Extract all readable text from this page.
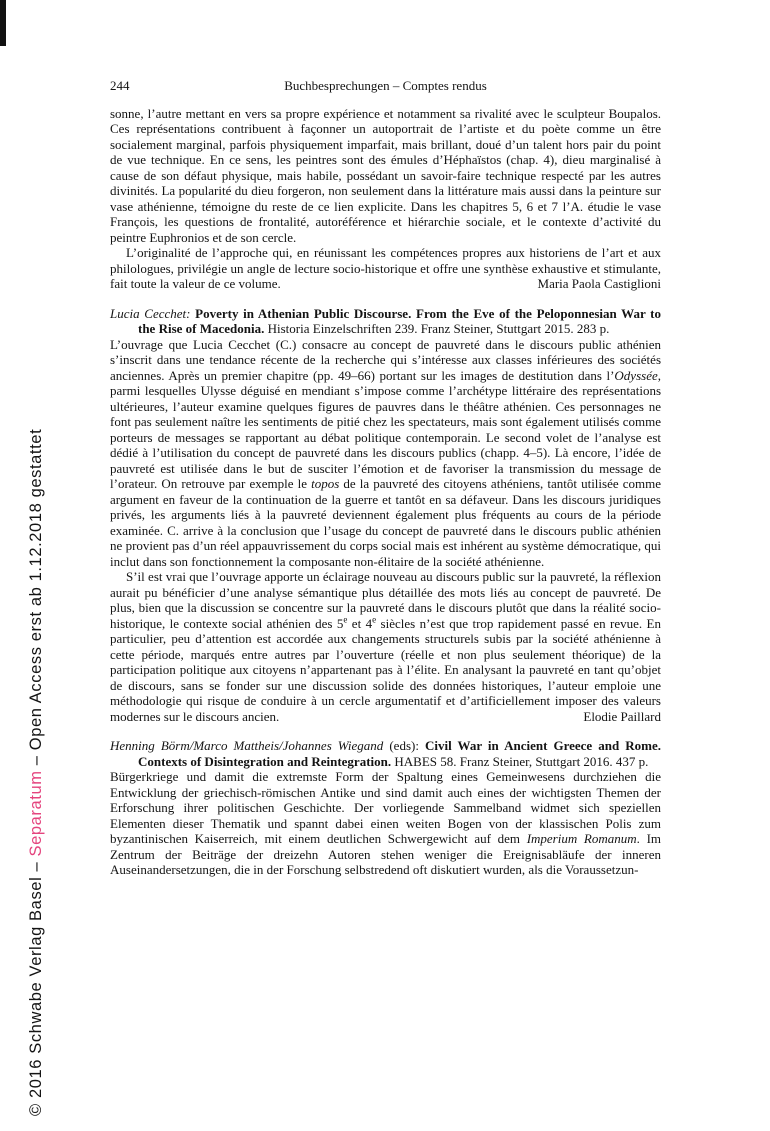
© 2016 Schwabe Verlag Basel – Separatum – Open Access erst ab 1.12.2018 gestattet
244	Buchbesprechungen – Comptes rendus

sonne, l’autre mettant en vers sa propre expérience et notamment sa rivalité avec le sculpteur Boupalos. Ces représentations contribuent à façonner un autoportrait de l’artiste et du poète comme un être socialement marginal, parfois physiquement imparfait, mais brillant, doué d’un talent hors pair du point de vue technique. En ce sens, les peintres sont des émules d’Héphaïstos (chap. 4), dieu marginalisé à cause de son défaut physique, mais habile, possédant un savoir-faire technique respecté par les autres divinités. La popularité du dieu forgeron, non seulement dans la littérature mais aussi dans la peinture sur vase athénienne, témoigne du reste de ce lien explicite. Dans les chapitres 5, 6 et 7 l’A. étudie le vase François, les questions de frontalité, autoréférence et hiérarchie sociale, et le contexte d’activité du peintre Euphronios et de son cercle.

L’originalité de l’approche qui, en réunissant les compétences propres aux historiens de l’art et aux philologues, privilégie un angle de lecture socio-historique et offre une synthèse exhaustive et stimulante, fait toute la valeur de ce volume.	Maria Paola Castiglioni

Lucia Cecchet: Poverty in Athenian Public Discourse. From the Eve of the Peloponnesian War to the Rise of Macedonia. Historia Einzelschriften 239. Franz Steiner, Stuttgart 2015. 283 p.

L’ouvrage que Lucia Cecchet (C.) consacre au concept de pauvreté dans le discours public athénien s’inscrit dans une tendance récente de la recherche qui s’intéresse aux classes inférieures des sociétés anciennes. Après un premier chapitre (pp. 49–66) portant sur les images de destitution dans l’Odyssée, parmi lesquelles Ulysse déguisé en mendiant s’impose comme l’archétype littéraire des représentations ultérieures, l’auteur examine quelques figures de pauvres dans le théâtre athénien. Ces personnages ne font pas seulement naître les sentiments de pitié chez les spectateurs, mais sont également utilisés comme porteurs de messages se rapportant au débat politique contemporain. Le second volet de l’analyse est dédié à l’utilisation du concept de pauvreté dans les discours publics (chapp. 4–5). Là encore, l’idée de pauvreté est utilisée dans le but de susciter l’émotion et de favoriser la transmission du message de l’orateur. On retrouve par exemple le topos de la pauvreté des citoyens athéniens, tantôt utilisée comme argument en faveur de la continuation de la guerre et tantôt en sa défaveur. Dans les discours juridiques privés, les arguments liés à la pauvreté deviennent également plus fréquents au cours de la période examinée. C. arrive à la conclusion que l’usage du concept de pauvreté dans le discours public athénien ne provient pas d’un réel appauvrissement du corps social mais est inhérent au système démocratique, qui inclut dans son fonctionnement la composante non-élitaire de la société athénienne.

S’il est vrai que l’ouvrage apporte un éclairage nouveau au discours public sur la pauvreté, la réflexion aurait pu bénéficier d’une analyse sémantique plus détaillée des mots liés au concept de pauvreté. De plus, bien que la discussion se concentre sur la pauvreté dans le discours plutôt que dans la réalité socio-historique, le contexte social athénien des 5e et 4e siècles n’est que trop rapidement passé en revue. En particulier, peu d’attention est accordée aux changements structurels subis par la société athénienne à cette période, marqués entre autres par l’ouverture (réelle et non plus seulement théorique) de la participation politique aux citoyens n’appartenant pas à l’élite. En analysant la pauvreté en tant qu’objet de discours, sans se fonder sur une discussion solide des données historiques, l’auteur emploie une méthodologie qui risque de conduire à un cercle argumentatif et d’artificiellement imposer des valeurs modernes sur le discours ancien.	Elodie Paillard

Henning Börm/Marco Mattheis/Johannes Wiegand (eds): Civil War in Ancient Greece and Rome. Contexts of Disintegration and Reintegration. HABES 58. Franz Steiner, Stuttgart 2016. 437 p.

Bürgerkriege und damit die extremste Form der Spaltung eines Gemeinwesens durchziehen die Entwicklung der griechisch-römischen Antike und sind damit auch eines der wichtigsten Themen der Erforschung ihrer politischen Geschichte. Der vorliegende Sammelband widmet sich speziellen Elementen dieser Thematik und spannt dabei einen weiten Bogen von der klassischen Polis zum byzantinischen Kaiserreich, mit einem deutlichen Schwergewicht auf dem Imperium Romanum. Im Zentrum der Beiträge der dreizehn Autoren stehen weniger die Ereignisabläufe der inneren Auseinandersetzungen, die in der Forschung selbstredend oft diskutiert wurden, als die Voraussetzun-
